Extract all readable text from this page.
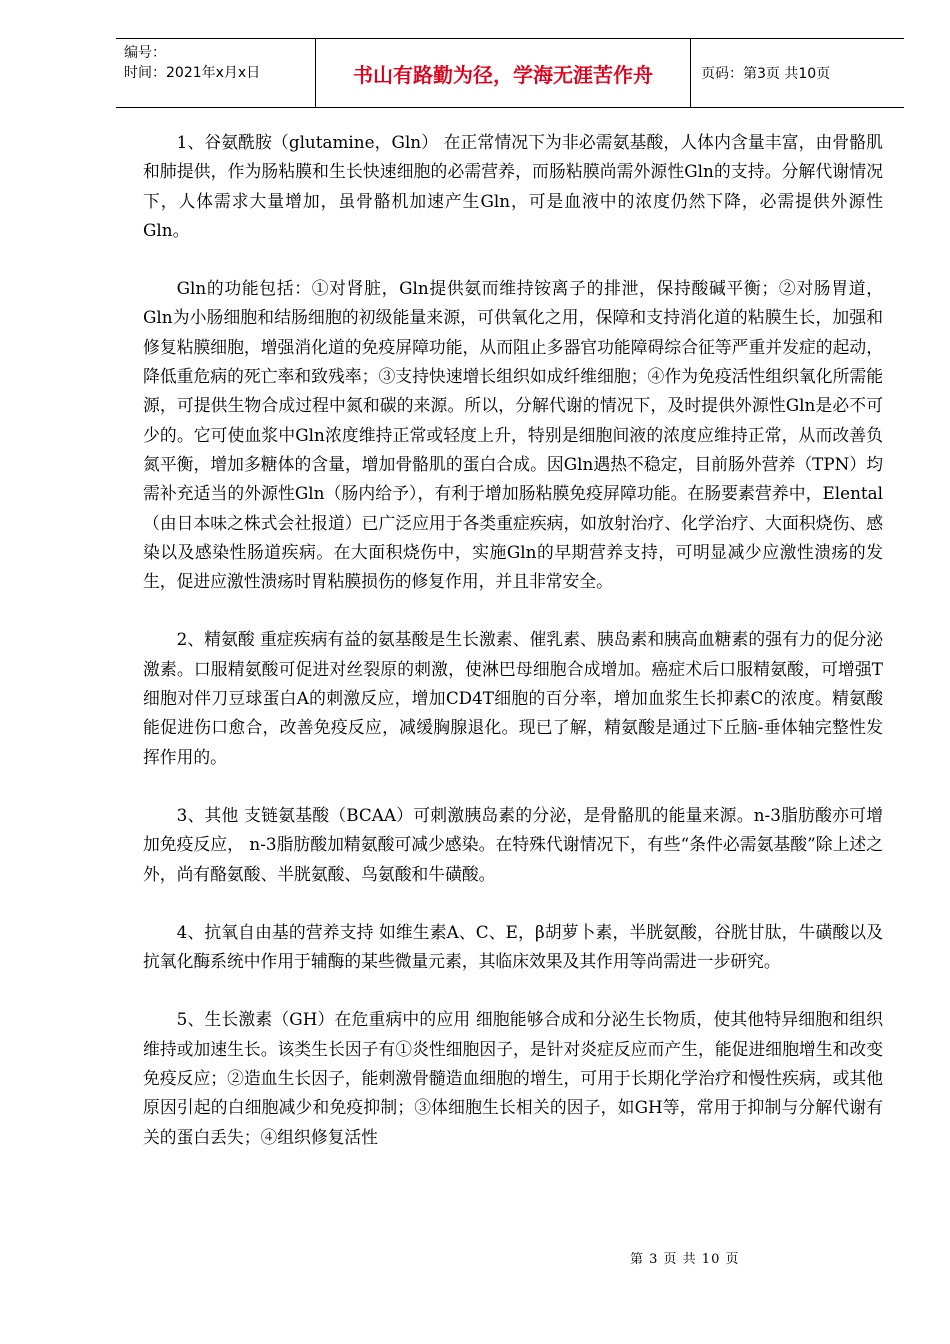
编号：
时间：2021年x月x日	书山有路勤为径，学海无涯苦作舟	页码：第3页 共10页

1、谷氨酰胺（glutamine，Gln） 在正常情况下为非必需氨基酸，人体内含量丰富，由骨骼肌和肺提供，作为肠粘膜和生长快速细胞的必需营养，而肠粘膜尚需外源性Gln的支持。分解代谢情况下，人体需求大量增加，虽骨骼机加速产生Gln，可是血液中的浓度仍然下降，必需提供外源性Gln。

Gln的功能包括：①对肾脏，Gln提供氨而维持铵离子的排泄，保持酸碱平衡；②对肠胃道，Gln为小肠细胞和结肠细胞的初级能量来源，可供氧化之用，保障和支持消化道的粘膜生长，加强和修复粘膜细胞，增强消化道的免疫屏障功能，从而阻止多器官功能障碍综合征等严重并发症的起动，降低重危病的死亡率和致残率；③支持快速增长组织如成纤维细胞；④作为免疫活性组织氧化所需能源，可提供生物合成过程中氮和碳的来源。所以，分解代谢的情况下，及时提供外源性Gln是必不可少的。它可使血浆中Gln浓度维持正常或轻度上升，特别是细胞间液的浓度应维持正常，从而改善负氮平衡，增加多糖体的含量，增加骨骼肌的蛋白合成。因Gln遇热不稳定，目前肠外营养（TPN）均需补充适当的外源性Gln（肠内给予），有利于增加肠粘膜免疫屏障功能。在肠要素营养中，Elental（由日本味之株式会社报道）已广泛应用于各类重症疾病，如放射治疗、化学治疗、大面积烧伤、感染以及感染性肠道疾病。在大面积烧伤中，实施Gln的早期营养支持，可明显减少应激性溃疡的发生，促进应激性溃疡时胃粘膜损伤的修复作用，并且非常安全。

2、精氨酸 重症疾病有益的氨基酸是生长激素、催乳素、胰岛素和胰高血糖素的强有力的促分泌激素。口服精氨酸可促进对丝裂原的刺激，使淋巴母细胞合成增加。癌症术后口服精氨酸，可增强T细胞对伴刀豆球蛋白A的刺激反应，增加CD4T细胞的百分率，增加血浆生长抑素C的浓度。精氨酸能促进伤口愈合，改善免疫反应，减缓胸腺退化。现已了解，精氨酸是通过下丘脑-垂体轴完整性发挥作用的。

3、其他 支链氨基酸（BCAA）可刺激胰岛素的分泌，是骨骼肌的能量来源。n-3脂肪酸亦可增加免疫反应， n-3脂肪酸加精氨酸可减少感染。在特殊代谢情况下，有些“条件必需氨基酸”除上述之外，尚有酪氨酸、半胱氨酸、鸟氨酸和牛磺酸。

4、抗氧自由基的营养支持 如维生素A、C、E，β胡萝卜素，半胱氨酸，谷胱甘肽，牛磺酸以及抗氧化酶系统中作用于辅酶的某些微量元素，其临床效果及其作用等尚需进一步研究。

5、生长激素（GH）在危重病中的应用 细胞能够合成和分泌生长物质，使其他特异细胞和组织维持或加速生长。该类生长因子有①炎性细胞因子，是针对炎症反应而产生，能促进细胞增生和改变免疫反应；②造血生长因子，能刺激骨髓造血细胞的增生，可用于长期化学治疗和慢性疾病，或其他原因引起的白细胞减少和免疫抑制；③体细胞生长相关的因子，如GH等，常用于抑制与分解代谢有关的蛋白丢失；④组织修复活性

第 3 页 共 10 页
